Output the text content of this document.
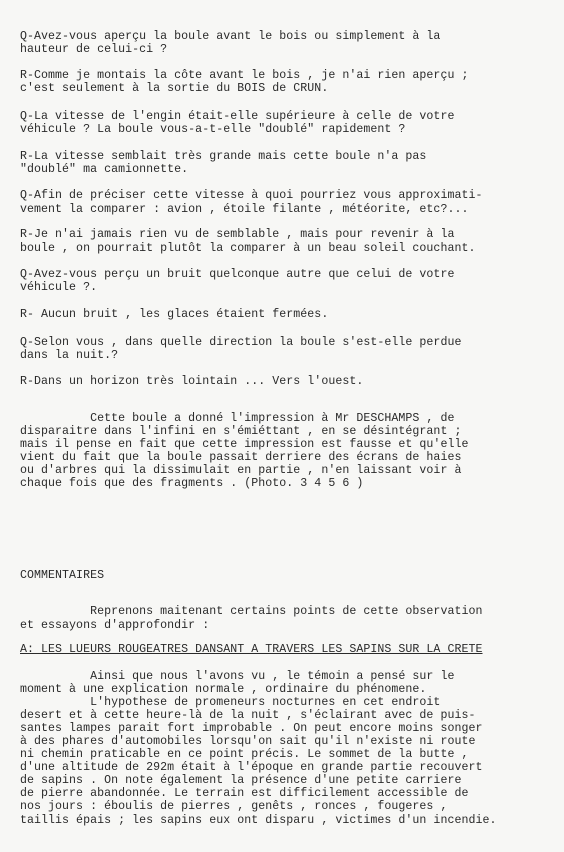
Q-Avez-vous aperçu la boule avant le bois ou simplement à la
hauteur de celui-ci ?
R-Comme je montais la côte avant le bois , je n'ai rien aperçu ;
c'est seulement à la sortie du BOIS de CRUN.
Q-La vitesse de l'engin était-elle supérieure à celle de votre
véhicule ? La boule vous-a-t-elle "doublé" rapidement ?
R-La vitesse semblait très grande mais cette boule n'a pas
"doublé" ma camionnette.
Q-Afin de préciser cette vitesse à quoi pourriez vous approximati-
vement la comparer : avion , étoile filante , météorite, etc?...
R-Je n'ai jamais rien vu de semblable , mais pour revenir à la
boule , on pourrait plutôt la comparer à un beau soleil couchant.
Q-Avez-vous perçu un bruit quelconque autre que celui de votre
véhicule ?.
R- Aucun bruit , les glaces étaient fermées.
Q-Selon vous , dans quelle direction la boule s'est-elle perdue
dans la nuit.?
R-Dans un horizon très lointain ... Vers l'ouest.
Cette boule a donné l'impression à Mr DESCHAMPS , de
disparaitre dans l'infini en s'émiéttant , en se désintégrant ;
mais il pense en fait que cette impression est fausse et qu'elle
vient du fait que la boule passait derriere des écrans de haies
ou d'arbres qui la dissimulait en partie , n'en laissant voir à
chaque fois que des fragments . (Photo. 3 4 5 6 )
COMMENTAIRES
Reprenons maitenant certains points de cette observation
et essayons d'approfondir :
A: LES LUEURS ROUGEATRES DANSANT A TRAVERS LES SAPINS SUR LA CRETE
Ainsi que nous l'avons vu , le témoin a pensé sur le
moment à une explication normale , ordinaire du phénomene.
L'hypothese de promeneurs nocturnes en cet endroit
desert et à cette heure-là de la nuit , s'éclairant avec de puis-
santes lampes parait fort improbable . On peut encore moins songer
à des phares d'automobiles lorsqu'on sait qu'il n'existe ni route
ni chemin praticable en ce point précis. Le sommet de la butte ,
d'une altitude de 292m était à l'époque en grande partie recouvert
de sapins . On note également la présence d'une petite carriere
de pierre abandonnée. Le terrain est difficilement accessible de
nos jours : éboulis de pierres , genêts , ronces , fougeres ,
taillis épais ; les sapins eux ont disparu , victimes d'un incendie.
